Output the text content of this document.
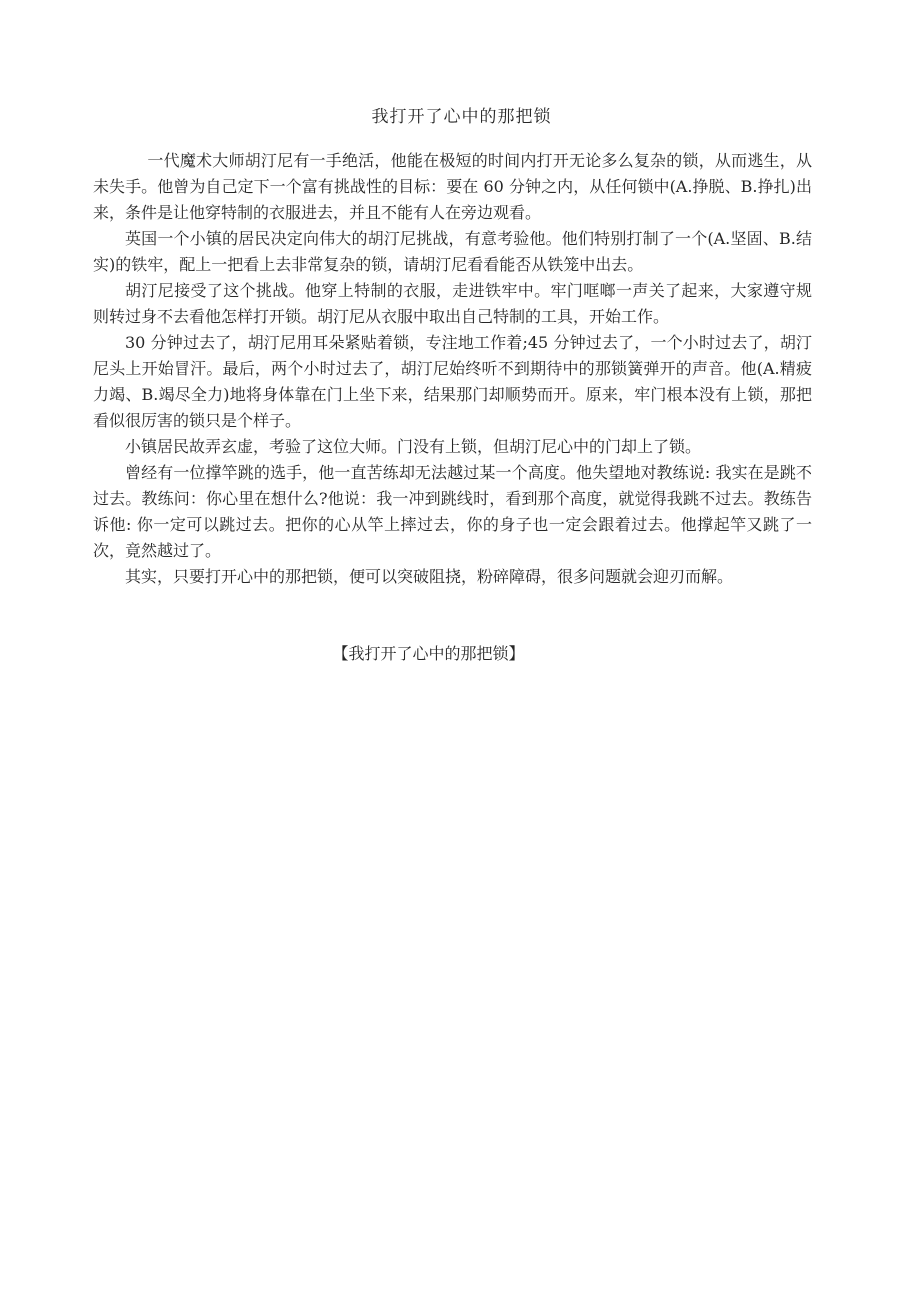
我打开了心中的那把锁

一代魔术大师胡汀尼有一手绝活，他能在极短的时间内打开无论多么复杂的锁，从而逃生，从未失手。他曾为自己定下一个富有挑战性的目标：要在 60 分钟之内，从任何锁中(A.挣脱、B.挣扎)出来，条件是让他穿特制的衣服进去，并且不能有人在旁边观看。

英国一个小镇的居民决定向伟大的胡汀尼挑战，有意考验他。他们特别打制了一个(A.坚固、B.结实)的铁牢，配上一把看上去非常复杂的锁，请胡汀尼看看能否从铁笼中出去。

胡汀尼接受了这个挑战。他穿上特制的衣服，走进铁牢中。牢门哐啷一声关了起来，大家遵守规则转过身不去看他怎样打开锁。胡汀尼从衣服中取出自己特制的工具，开始工作。

30 分钟过去了，胡汀尼用耳朵紧贴着锁，专注地工作着;45 分钟过去了，一个小时过去了，胡汀尼头上开始冒汗。最后，两个小时过去了，胡汀尼始终听不到期待中的那锁簧弹开的声音。他(A.精疲力竭、B.竭尽全力)地将身体靠在门上坐下来，结果那门却顺势而开。原来，牢门根本没有上锁，那把看似很厉害的锁只是个样子。

小镇居民故弄玄虚，考验了这位大师。门没有上锁，但胡汀尼心中的门却上了锁。

曾经有一位撑竿跳的选手，他一直苦练却无法越过某一个高度。他失望地对教练说: 我实在是跳不过去。教练问：你心里在想什么?他说：我一冲到跳线时，看到那个高度，就觉得我跳不过去。教练告诉他: 你一定可以跳过去。把你的心从竿上摔过去，你的身子也一定会跟着过去。他撑起竿又跳了一次，竟然越过了。

其实，只要打开心中的那把锁，便可以突破阻挠，粉碎障碍，很多问题就会迎刃而解。

【我打开了心中的那把锁】
